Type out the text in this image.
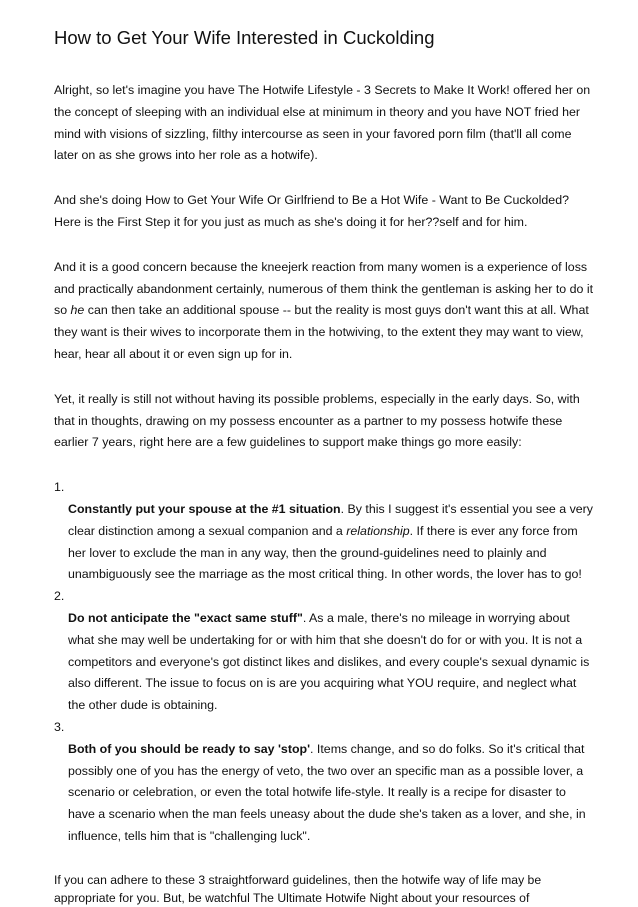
How to Get Your Wife Interested in Cuckolding

Alright, so let's imagine you have The Hotwife Lifestyle - 3 Secrets to Make It Work! offered her on the concept of sleeping with an individual else at minimum in theory and you have NOT fried her mind with visions of sizzling, filthy intercourse as seen in your favored porn film (that'll all come later on as she grows into her role as a hotwife).

And she's doing How to Get Your Wife Or Girlfriend to Be a Hot Wife - Want to Be Cuckolded? Here is the First Step it for you just as much as she's doing it for her??self and for him.

And it is a good concern because the kneejerk reaction from many women is a experience of loss and practically abandonment certainly, numerous of them think the gentleman is asking her to do it so he can then take an additional spouse -- but the reality is most guys don't want this at all. What they want is their wives to incorporate them in the hotwiving, to the extent they may want to view, hear, hear all about it or even sign up for in.

Yet, it really is still not without having its possible problems, especially in the early days. So, with that in thoughts, drawing on my possess encounter as a partner to my possess hotwife these earlier 7 years, right here are a few guidelines to support make things go more easily:

1.
Constantly put your spouse at the #1 situation. By this I suggest it's essential you see a very clear distinction among a sexual companion and a relationship. If there is ever any force from her lover to exclude the man in any way, then the ground-guidelines need to plainly and unambiguously see the marriage as the most critical thing. In other words, the lover has to go!
2.
Do not anticipate the "exact same stuff". As a male, there's no mileage in worrying about what she may well be undertaking for or with him that she doesn't do for or with you. It is not a competitors and everyone's got distinct likes and dislikes, and every couple's sexual dynamic is also different. The issue to focus on is are you acquiring what YOU require, and neglect what the other dude is obtaining.
3.
Both of you should be ready to say 'stop'. Items change, and so do folks. So it's critical that possibly one of you has the energy of veto, the two over an specific man as a possible lover, a scenario or celebration, or even the total hotwife life-style. It really is a recipe for disaster to have a scenario when the man feels uneasy about the dude she's taken as a lover, and she, in influence, tells him that is "challenging luck".

If you can adhere to these 3 straightforward guidelines, then the hotwife way of life may be appropriate for you. But, be watchful The Ultimate Hotwife Night about your resources of
